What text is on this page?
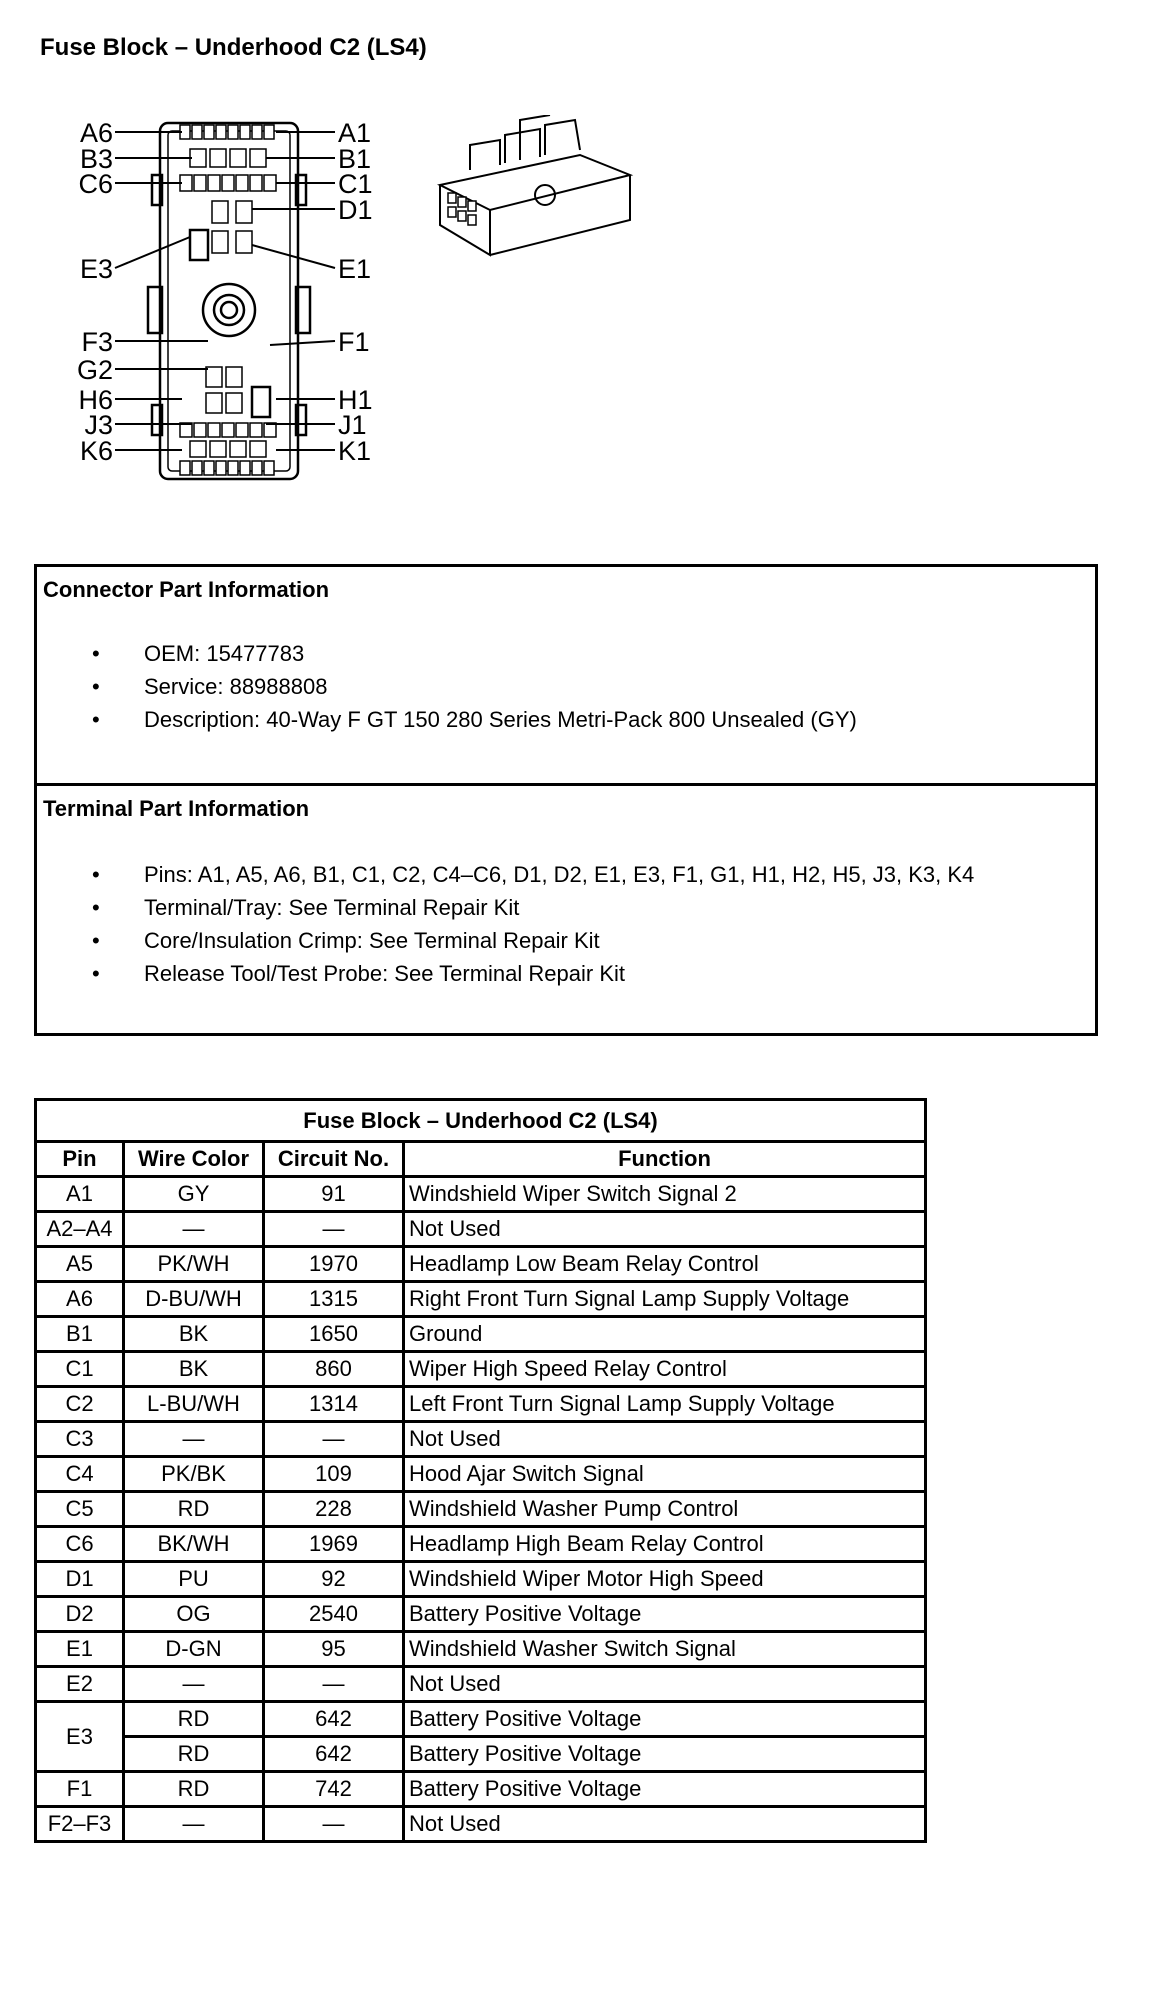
Fuse Block – Underhood C2 (LS4)
A6
B3
C6
E3
F3
G2
H6
J3
K6
A1
B1
C1
D1
E1
F1
H1
J1
K1
Connector Part Information
• OEM: 15477783
• Service: 88988808
• Description: 40-Way F GT 150 280 Series Metri-Pack 800 Unsealed (GY)
Terminal Part Information
• Pins: A1, A5, A6, B1, C1, C2, C4–C6, D1, D2, E1, E3, F1, G1, H1, H2, H5, J3, K3, K4
• Terminal/Tray: See Terminal Repair Kit
• Core/Insulation Crimp: See Terminal Repair Kit
• Release Tool/Test Probe: See Terminal Repair Kit
Fuse Block – Underhood C2 (LS4)			
Pin	Wire Color	Circuit No.	Function
A1	GY	91	Windshield Wiper Switch Signal 2
A2–A4	—	—	Not Used
A5	PK/WH	1970	Headlamp Low Beam Relay Control
A6	D-BU/WH	1315	Right Front Turn Signal Lamp Supply Voltage
B1	BK	1650	Ground
C1	BK	860	Wiper High Speed Relay Control
C2	L-BU/WH	1314	Left Front Turn Signal Lamp Supply Voltage
C3	—	—	Not Used
C4	PK/BK	109	Hood Ajar Switch Signal
C5	RD	228	Windshield Washer Pump Control
C6	BK/WH	1969	Headlamp High Beam Relay Control
D1	PU	92	Windshield Wiper Motor High Speed
D2	OG	2540	Battery Positive Voltage
E1	D-GN	95	Windshield Washer Switch Signal
E2	—	—	Not Used
E3	RD	642	Battery Positive Voltage
	RD	642	Battery Positive Voltage
F1	RD	742	Battery Positive Voltage
F2–F3	—	—	Not Used
